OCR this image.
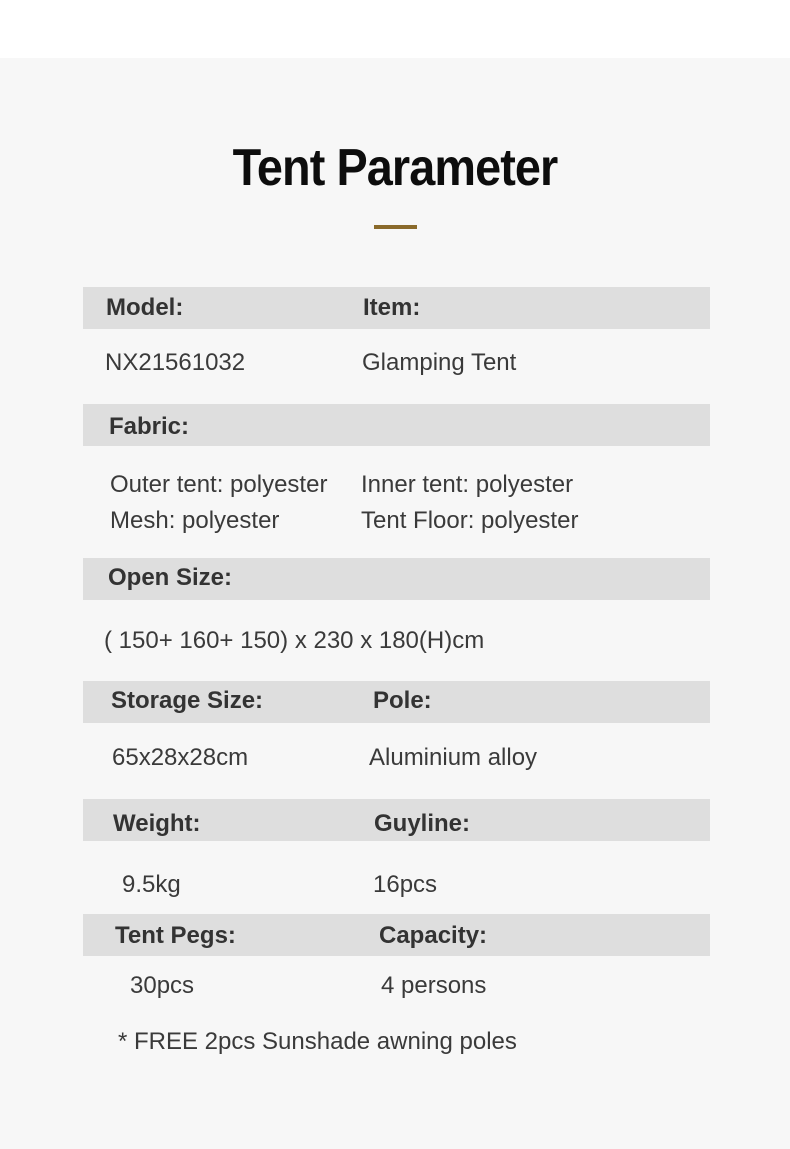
Tent Parameter
Model:	Item:
NX21561032	Glamping Tent
Fabric:
Outer tent: polyester Inner tent: polyester
Mesh: polyester	Tent Floor: polyester
Open Size:
( 150+ 160+ 150) x 230 x 180(H)cm
Storage Size:	Pole:
65x28x28cm	Aluminium alloy
Weight:	Guyline:
9.5kg	16pcs
Tent Pegs:	Capacity:
30pcs	4 persons
* FREE 2pcs Sunshade awning poles
